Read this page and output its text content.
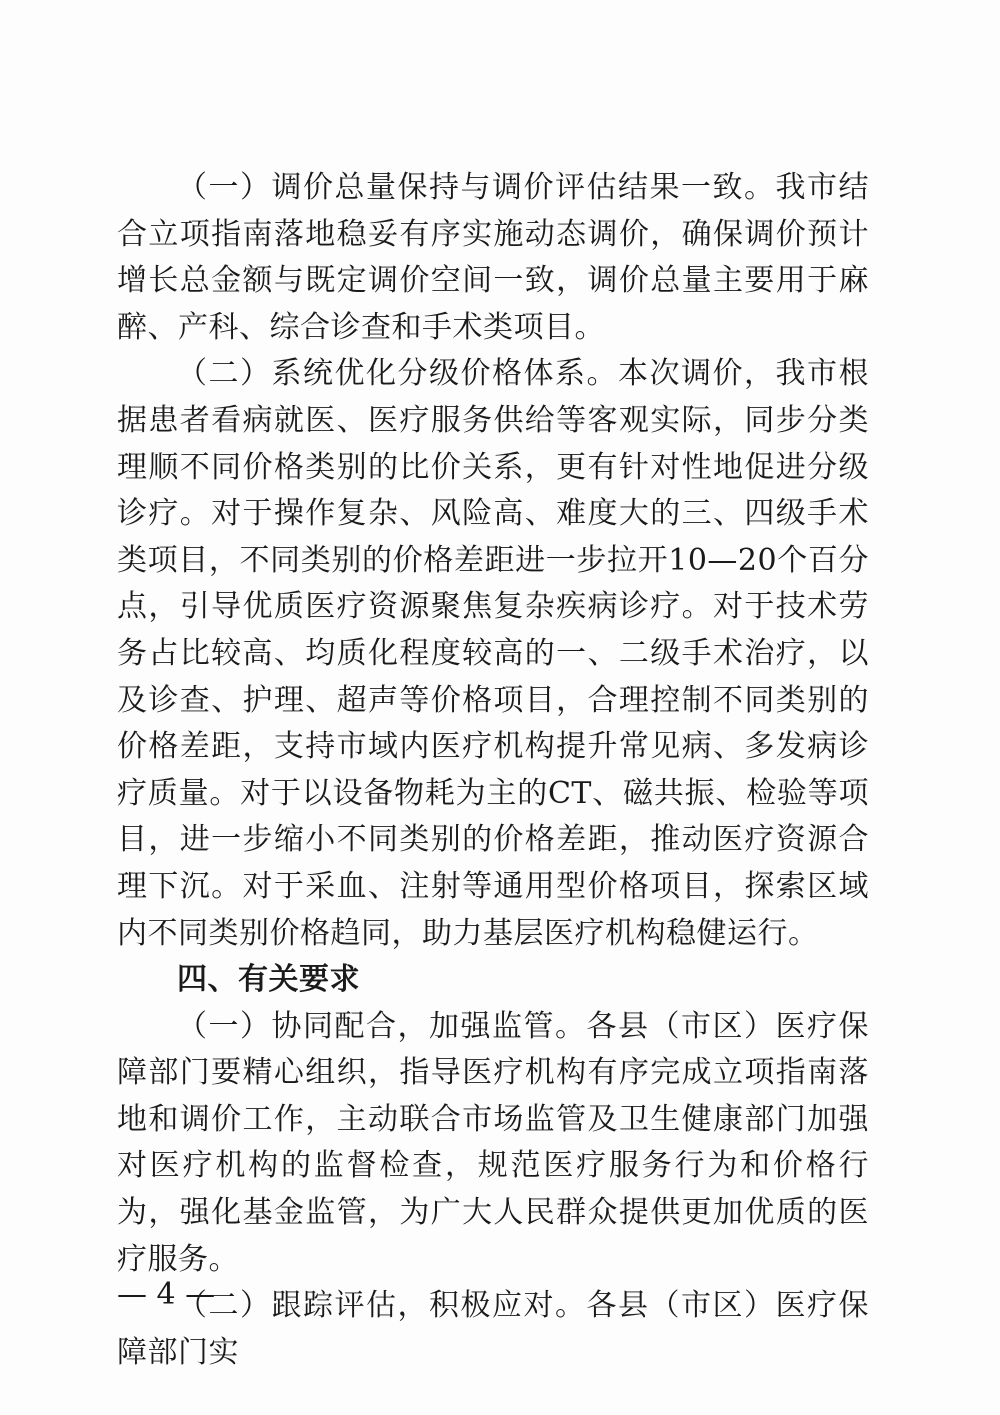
（一）调价总量保持与调价评估结果一致。我市结合立项指南落地稳妥有序实施动态调价，确保调价预计增长总金额与既定调价空间一致，调价总量主要用于麻醉、产科、综合诊查和手术类项目。

（二）系统优化分级价格体系。本次调价，我市根据患者看病就医、医疗服务供给等客观实际，同步分类理顺不同价格类别的比价关系，更有针对性地促进分级诊疗。对于操作复杂、风险高、难度大的三、四级手术类项目，不同类别的价格差距进一步拉开10—20个百分点，引导优质医疗资源聚焦复杂疾病诊疗。对于技术劳务占比较高、均质化程度较高的一、二级手术治疗，以及诊查、护理、超声等价格项目，合理控制不同类别的价格差距，支持市域内医疗机构提升常见病、多发病诊疗质量。对于以设备物耗为主的CT、磁共振、检验等项目，进一步缩小不同类别的价格差距，推动医疗资源合理下沉。对于采血、注射等通用型价格项目，探索区域内不同类别价格趋同，助力基层医疗机构稳健运行。

四、有关要求

（一）协同配合，加强监管。各县（市区）医疗保障部门要精心组织，指导医疗机构有序完成立项指南落地和调价工作，主动联合市场监管及卫生健康部门加强对医疗机构的监督检查，规范医疗服务行为和价格行为，强化基金监管，为广大人民群众提供更加优质的医疗服务。

（二）跟踪评估，积极应对。各县（市区）医疗保障部门实

— 4 —
